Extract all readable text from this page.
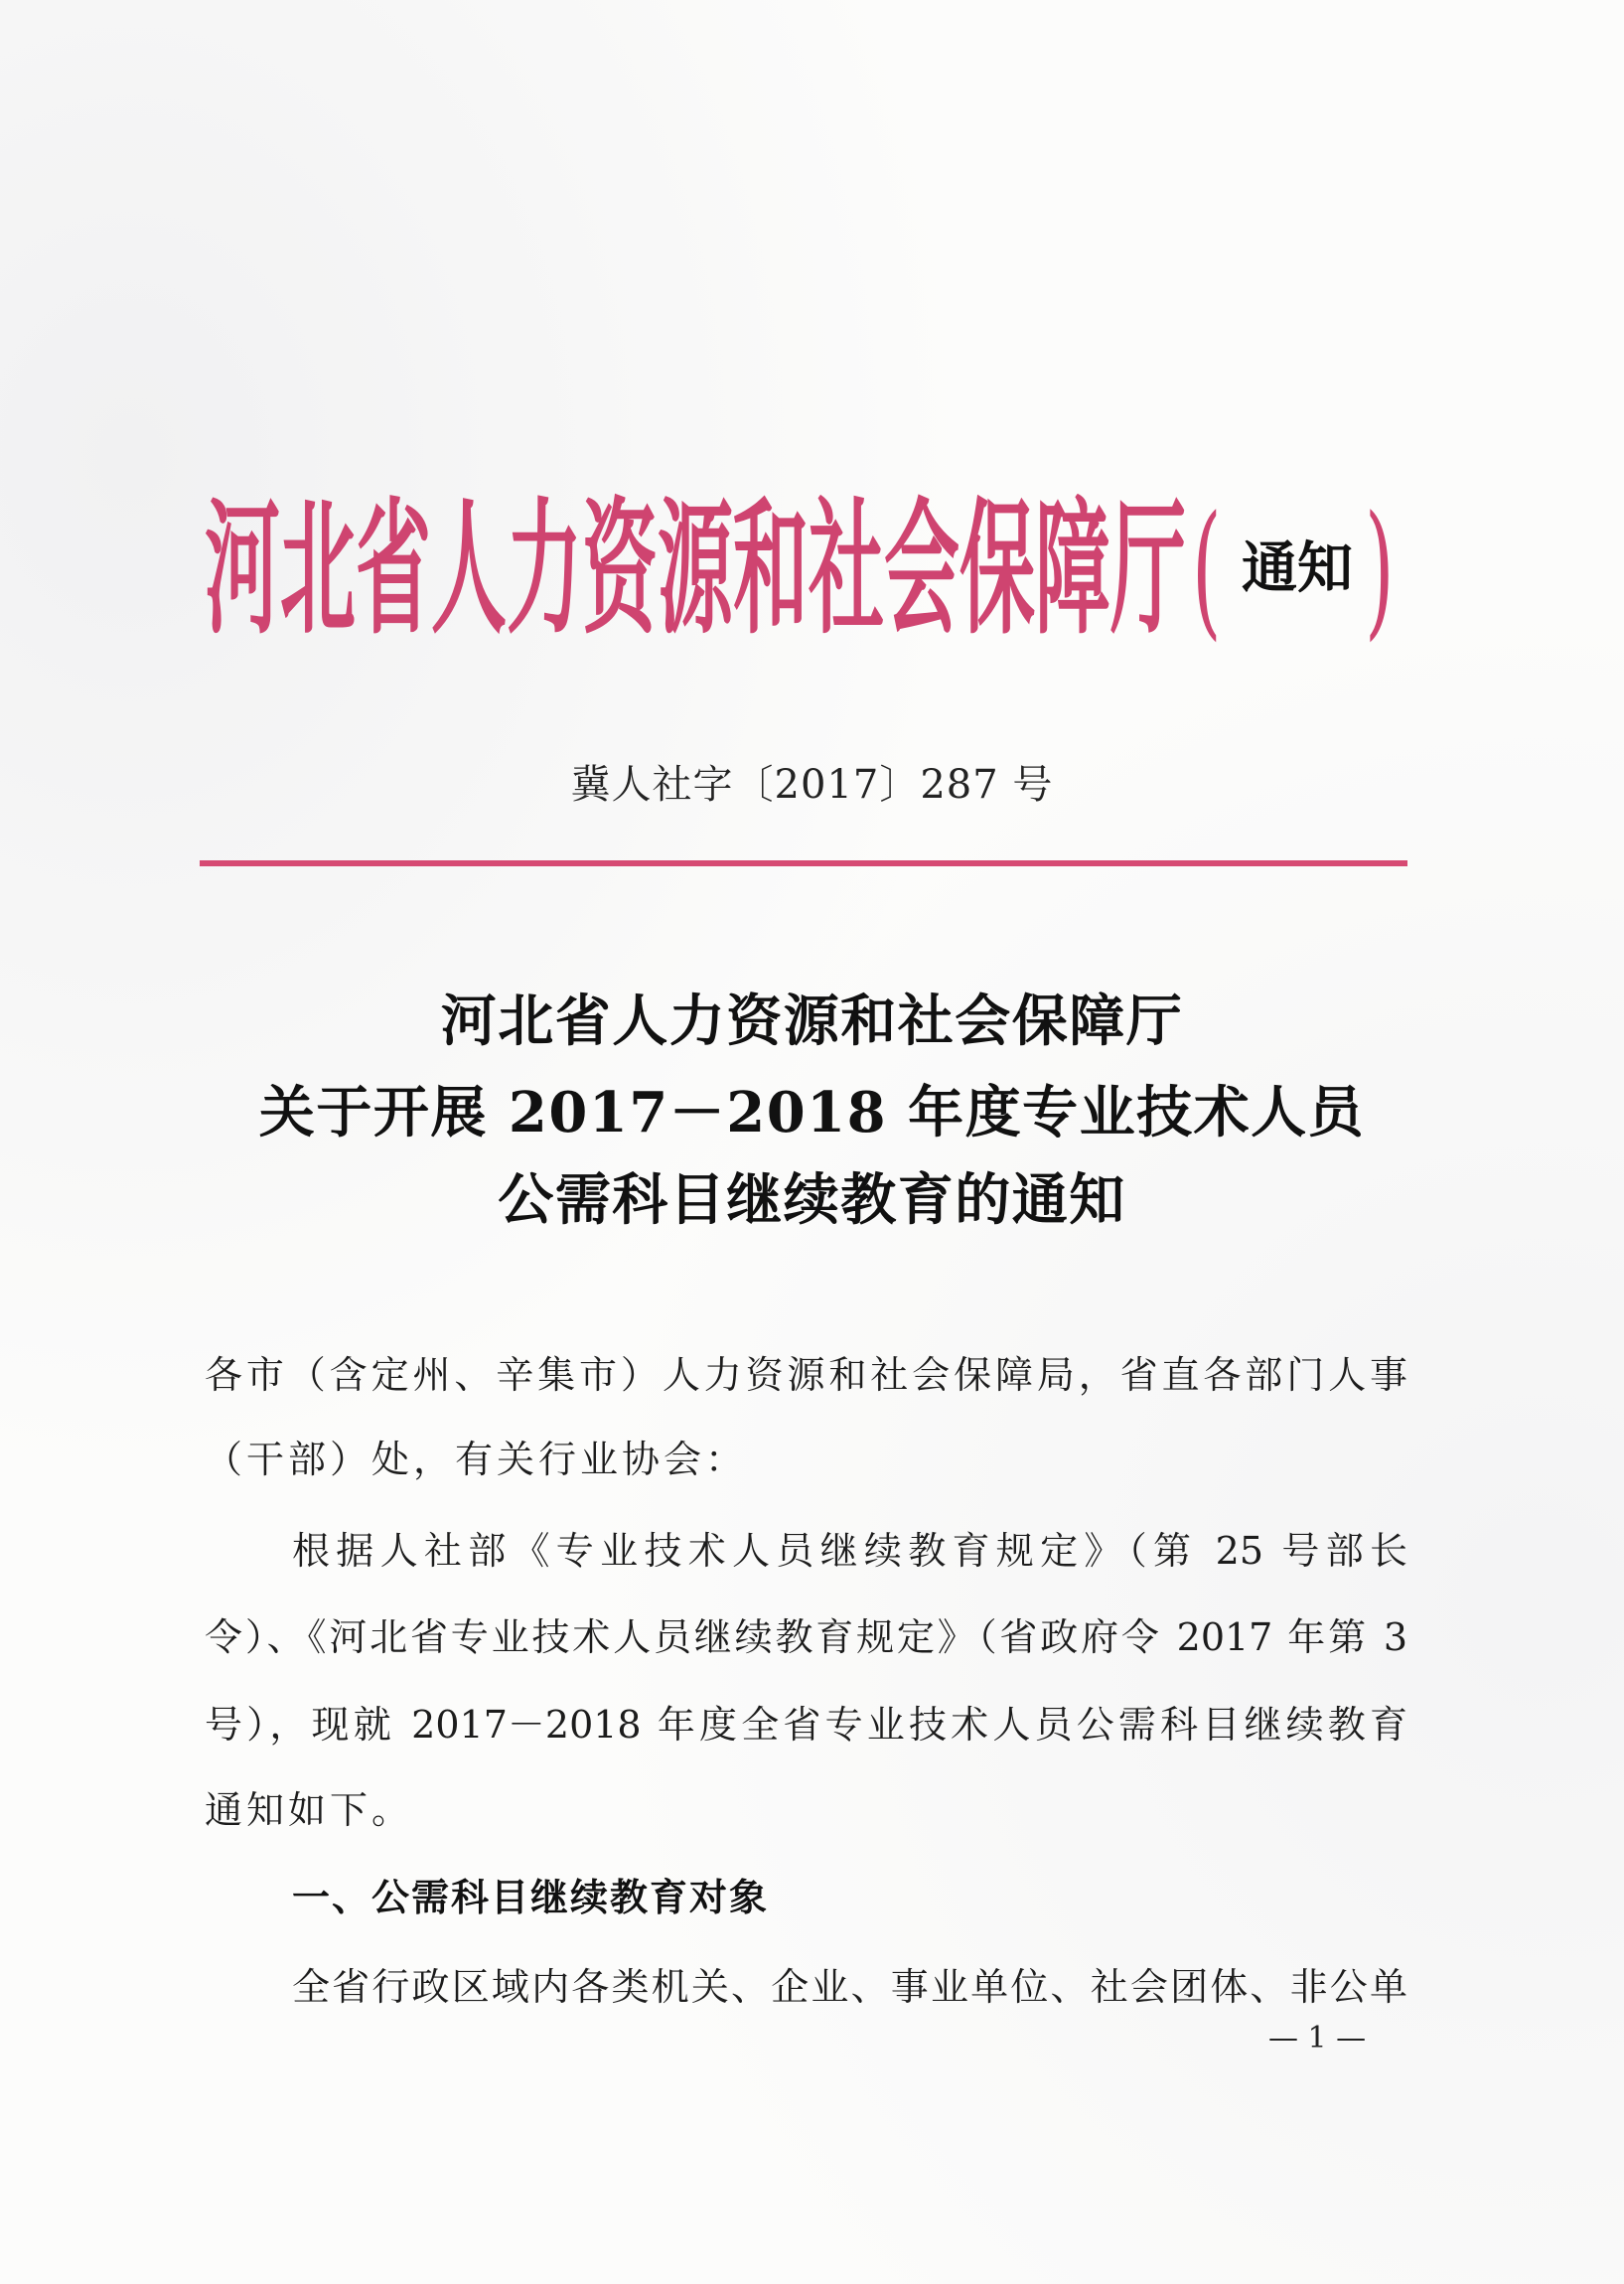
河北省人力资源和社会保障厅 ( 通知 )
冀人社字〔2017〕287 号
河北省人力资源和社会保障厅
关于开展 2017－2018 年度专业技术人员
公需科目继续教育的通知
各市（含定州、辛集市）人力资源和社会保障局，省直各部门人事
（干部）处，有关行业协会：
根据人社部《专业技术人员继续教育规定》（第 25 号部长
令）、《河北省专业技术人员继续教育规定》（省政府令 2017 年第 3
号），现就 2017－2018 年度全省专业技术人员公需科目继续教育
通知如下。
一、公需科目继续教育对象
全省行政区域内各类机关、企业、事业单位、社会团体、非公单
— 1 —
